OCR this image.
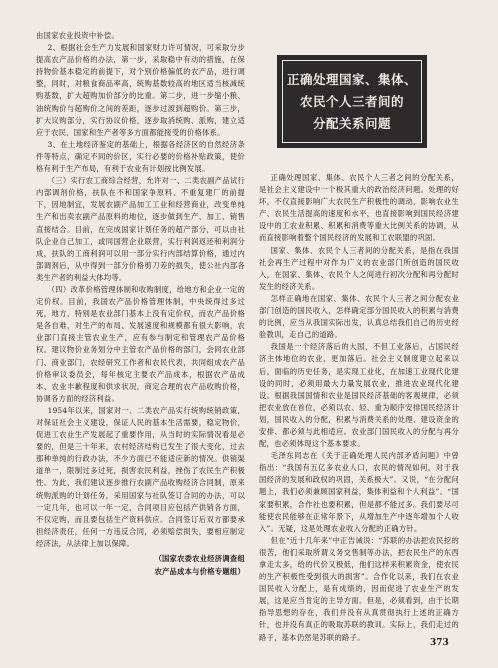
由国家农业投资中补偿。

2、根据社会生产力发展和国家财力许可情况，可采取分步提高农产品价格的办法，第一步，采取稳中有动的措施，在保持物价基本稳定的前提下，对个别价格偏低的农产品，进行调整，同时，对粮食商品率高，统购基数较高的地区适当核减统购基数，扩大超购加价部分的比重。第二步，进一步缩小粮、油统购价与超购价之间的差距，逐步过渡到超购价。第三步，扩大议购部分，实行协议价格，逐步取消统购、派购，建立适应于农民、国家和生产者等多方面都能接受的价格体系。

3、在土地经济鉴定的基础上，根据各经济区的自然经济条件等特点，确定不同的价区，实行必要的价格补贴政策，使价格有利于生产布局，有利于农业有计划按比例发展。

（三）实行农工商综合经营，允许对一、二类农副产品试行内部调剂价格，扶队在不和国家争原料、不重复建厂的前提下，因地制宜，发展农副产品加工工业和经营商业，改变单纯生产和出卖农副产品原料的地位，逐步做到生产、加工、销售直接结合。目前，在完成国家计划任务的超产部分，可以由社队企业自己加工，或同国营企业联营，实行利润返还和利润分成，扶队的工商利润可以用一部分实行内部结算价格，通过内部调剂后，从中得到一部分价格剪刀差的损失，使公社内部各类生产者的利益大体均等。

（四）改革价格管理体制和收购制度，给地方和企业一定的定价权。目前，我国农产品价格管理体制，中央统得过多过死，地方、特别是农业部门基本上没有定价权，而农产品价格是各自难，对生产的布局、发展速度和规模都有很大影响，农业部门直接主管农业生产，应有参与制定和管理农产品价格权。建议物价业务划分中主管农产品价格的部门，会同农业部门、商业部门，农经研究工作者和农民代表，共同组成农产品价格审议委员会，每年核定主要农产品成本，根据农产品成本、农业丰歉程度和供求状况，商定合理的农产品收购价格，协调各方面的经济利益。

1954年以来，国家对一、二类农产品实行统购统销政策，对保证社会主义建设，保证人民的基本生活需要，稳定物价，促进工农业生产发展起了重要作用，从当时的实际情况看是必要的，但是三十年来，农村经济结构已发生了很大变化，过去那种单纯的行政办法，不少方面已不能适应新的情况。供销渠道单一，限制过多过死，损害农民利益，挫伤了农民生产积极性。为此，我们建议逐步推行农副产品收购经济合同制，原来统购派购的计划任务，采用国家与社队签订合同的办法，可以一定几年，也可以一年一定，合同项目应包括产供销各方面，不仅定购，而且要包括生产资料供应。合同签订后双方都要承担经济责任，任何一方违反合同，必须赔偿损失，要相应制定经济法，从法律上加以保障。

（国家农委农业经济调查组
农产品成本与价格专题组）
正确处理国家、集体、
农民个人三者间的
分配关系问题

正确处理国家、集体、农民个人三者之间的分配关系，是社会主义建设中一个极其重大的政治经济问题。处理的好坏，不仅直接影响广大农民生产积极性的调动，影响农业生产、农民生活提高的速度和水平，也直接影响到国民经济建设中的工农业积累、积累和消费等重大比例关系的协调，从而直接影响着整个国民经济的发展和工农联盟的巩固。

国家、集体、农民个人三者间的分配关系，是指在我国社会再生产过程中对作为广义的农业部门所创造的国民收入，在国家、集体、农民个人之间进行初次分配和再分配时发生的经济关系。

怎样正确地在国家、集体、农民个人三者之间分配农业部门创造的国民收入，怎样确定部分国民收入的积累与消费的比例，应当从我国实际出发，认真总结我们自己的历史经验教训，走自己的道路。

我国是一个经济落后的大国，不但工业落后，占国民经济主体地位的农业，更加落后。社会主义制度建立起来以后，面临的历史任务，是实现工业化，在加速工业现代化建设的同时，必须用最大力量发展农业，推进农业现代化建设。根据我国国情和农业是国民经济基础的客观规律，必须把农业放在首位，必须以农、轻、重为顺序安排国民经济计划，国民收入的分配，积累与消费关系的处理、建设资金的安排、都必须与此相适应。农业部门国民收入的分配与再分配，也必须体现这个基本要求。

毛泽东同志在《关于正确处理人民内部矛盾问题》中曾指出：“我国有五亿多农业人口，农民的情况如何，对于我国经济的发展和政权的巩固，关系极大”。又说，“在分配问题上，我们必须兼顾国家利益，集体利益和个人利益”。“国家要积累，合作社也要积累，但是都不能过多。我们要尽可能使农民能够在正常年景下，从增加生产中逐年增加个人收入”。无疑，这是处理农业收入分配的正确方针。

但在“近十几年来”中正告诫说：“苏联的办法把农民挖的很苦，他们采取所谓义务交售制等办法，把农民生产的东西拿走太多，给的代价又极低，他们这样来积累资金，使农民的生产积极性受到很大的损害”。合作化以来，我们在农业国民收入分配上，是有成绩的，因而促进了农业生产的发展，这是应当肯定的主导方面。但是，必须看到，由于长期指导思想的存在，我们并没有从真贯彻执行上述的正确方针，也并没有真正的吸取苏联的教训。实际上，我们走过的路子，基本仍然是苏联的路子。

373
